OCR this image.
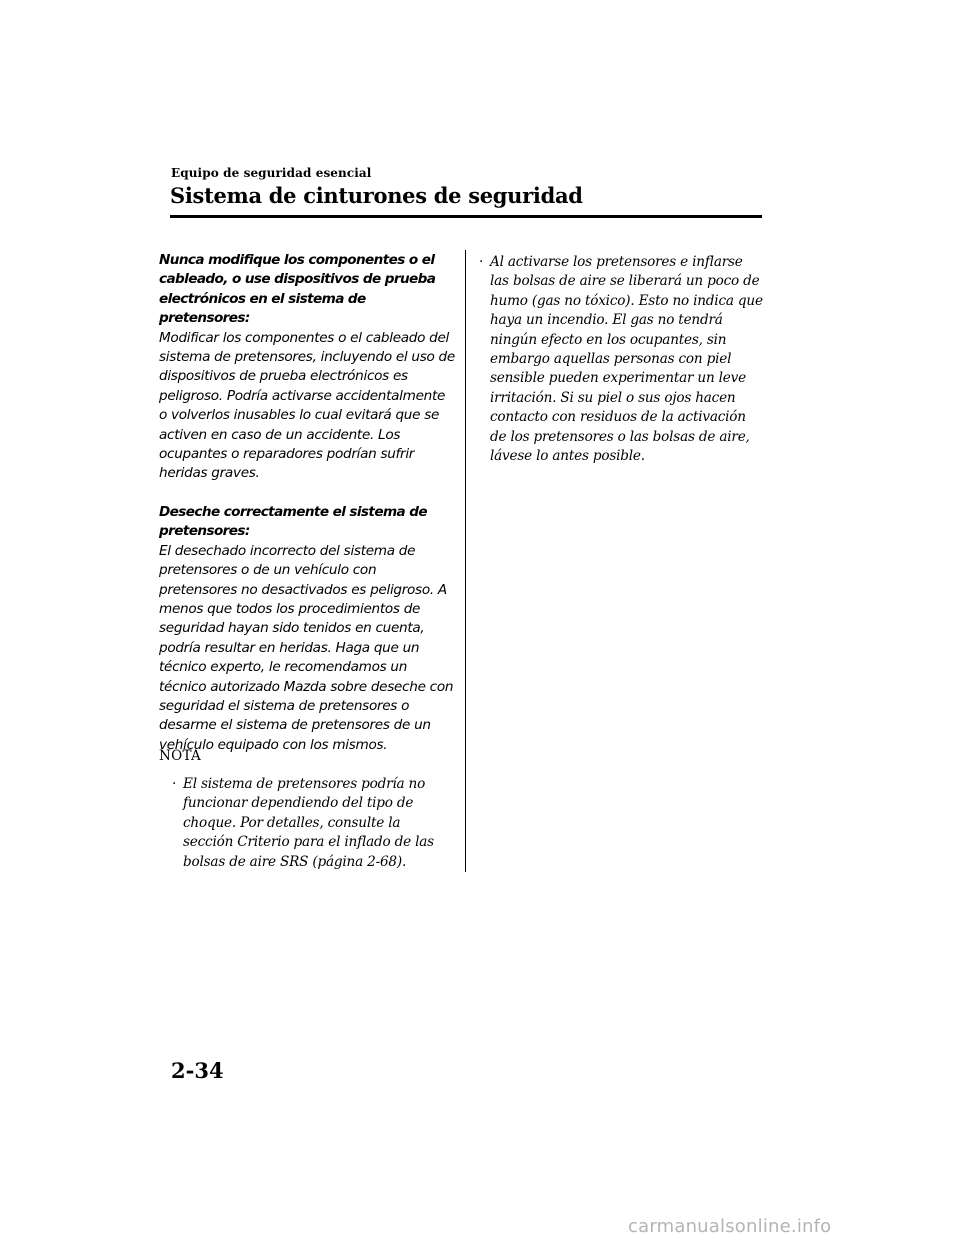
Equipo de seguridad esencial
Sistema de cinturones de seguridad
Nunca modifique los componentes o el cableado, o use dispositivos de prueba electrónicos en el sistema de pretensores:

Modificar los componentes o el cableado del sistema de pretensores, incluyendo el uso de dispositivos de prueba electrónicos es peligroso. Podría activarse accidentalmente o volverlos inusables lo cual evitará que se activen en caso de un accidente. Los ocupantes o reparadores podrían sufrir heridas graves.

Deseche correctamente el sistema de pretensores:

El desechado incorrecto del sistema de pretensores o de un vehículo con pretensores no desactivados es peligroso. A menos que todos los procedimientos de seguridad hayan sido tenidos en cuenta, podría resultar en heridas. Haga que un técnico experto, le recomendamos un técnico autorizado Mazda sobre deseche con seguridad el sistema de pretensores o desarme el sistema de pretensores de un vehículo equipado con los mismos.

NOTA
· El sistema de pretensores podría no funcionar dependiendo del tipo de choque. Por detalles, consulte la sección Criterio para el inflado de las bolsas de aire SRS (página 2-68).
· Al activarse los pretensores e inflarse las bolsas de aire se liberará un poco de humo (gas no tóxico). Esto no indica que haya un incendio. El gas no tendrá ningún efecto en los ocupantes, sin embargo aquellas personas con piel sensible pueden experimentar un leve irritación. Si su piel o sus ojos hacen contacto con residuos de la activación de los pretensores o las bolsas de aire, lávese lo antes posible.
2-34
carmanualsonline.info
